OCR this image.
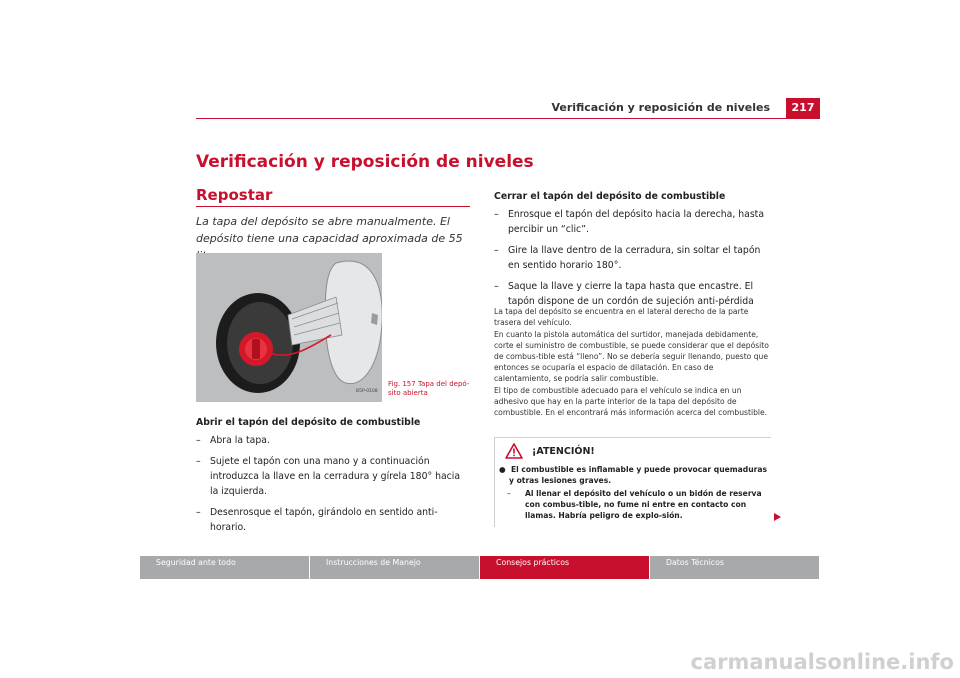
Verificación y reposición de niveles	217
Verificación y reposición de niveles
Repostar
La tapa del depósito se abre manualmente. El depósito tiene una capacidad aproximada de 55
B5P-0108
Fig. 157 Tapa del depó-sito abierta
Abrir el tapón del depósito de combustible
– Abra la tapa.
– Sujete el tapón con una mano y a continuación introduzca la llave en la cerradura y gírela 180° hacia la izquierda.
– Desenrosque el tapón, girándolo en sentido anti-horario.
Cerrar el tapón del depósito de combustible
– Enrosque el tapón del depósito hacia la derecha, hasta percibir un “clic”.
– Gire la llave dentro de la cerradura, sin soltar el tapón en sentido horario 180°.
– Saque la llave y cierre la tapa hasta que encastre. El tapón dispone de un cordón de sujeción anti-pérdida

La tapa del depósito se encuentra en el lateral derecho de la parte trasera del vehículo.

En cuanto la pistola automática del surtidor, manejada debidamente, corte el suministro de combustible, se puede considerar que el depósito de combus-tible está “lleno”. No se debería seguir llenando, puesto que entonces se ocuparía el espacio de dilatación. En caso de calentamiento, se podría salir combustible.

El tipo de combustible adecuado para el vehículo se indica en un adhesivo que hay en la parte interior de la tapa del depósito de combustible. En el encontrará más información acerca del combustible.

¡ATENCIÓN!

● El combustible es inflamable y puede provocar quemaduras y otras lesiones graves.

–	Al llenar el depósito del vehículo o un bidón de reserva con combus-tible, no fume ni entre en contacto con llamas. Habría peligro de explo-sión.
Seguridad ante todo	Instrucciones de Manejo	Consejos prácticos	Datos Técnicos
carmanualsonline.info
